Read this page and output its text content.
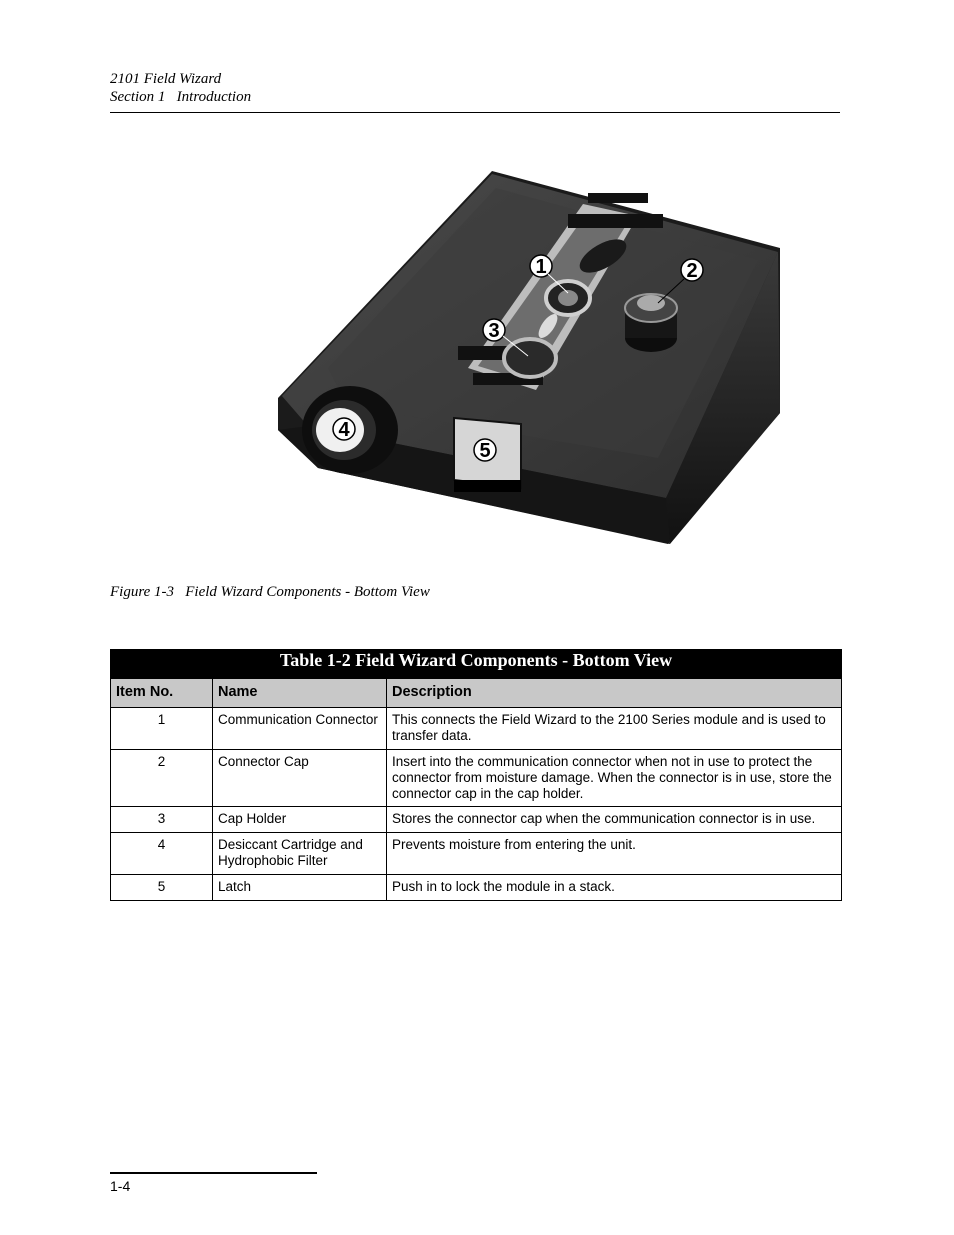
2101 Field Wizard
Section 1   Introduction
1	2
3
4
5
Figure 1-3   Field Wizard Components - Bottom View
Table 1-2 Field Wizard Components - Bottom View		
Item No.	Name	Description
1	Communication Connector	This connects the Field Wizard to the 2100 Series module and is used to transfer data.
2	Connector Cap	Insert into the communication connector when not in use to protect the connector from moisture damage. When the connector is in use, store the connector cap in the cap holder.
3	Cap Holder	Stores the connector cap when the communication connector is in use.
4	Desiccant Cartridge and Hydrophobic Filter	Prevents moisture from entering the unit.
5	Latch	Push in to lock the module in a stack.
1-4
